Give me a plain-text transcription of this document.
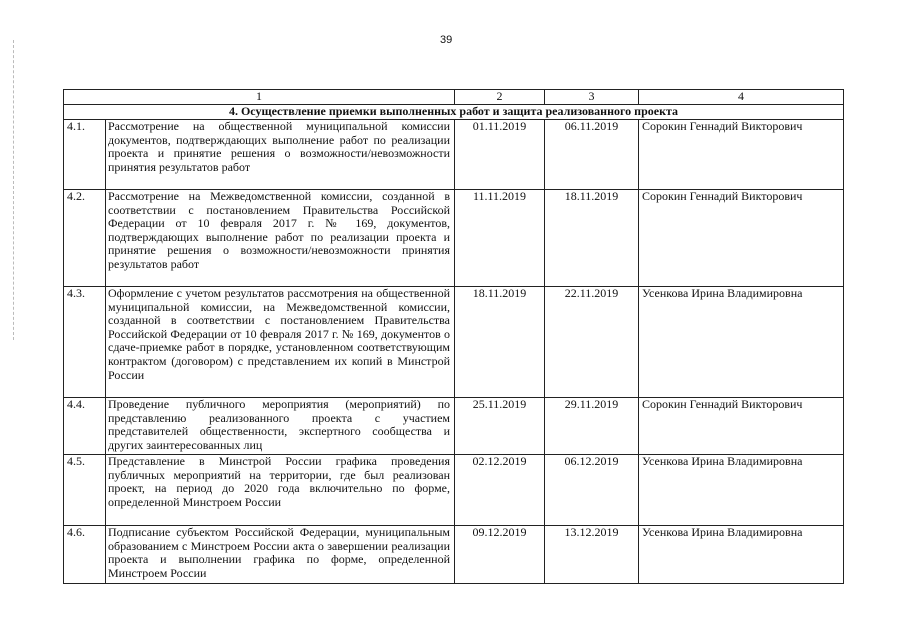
39
1		2	3	4
4. Осуществление приемки выполненных работ и защита реализованного проекта				
4.1.	Рассмотрение на общественной муниципальной комиссии документов, подтверждающих выполнение работ по реализации проекта и принятие решения о возможности/невозможности принятия результатов работ	01.11.2019	06.11.2019	Сорокин Геннадий Викторович
4.2.	Рассмотрение на Межведомственной комиссии, созданной в соответствии с постановлением Правительства Российской Федерации от 10 февраля 2017 г. № 169, документов, подтверждающих выполнение работ по реализации проекта и принятие решения о возможности/невозможности принятия результатов работ	11.11.2019	18.11.2019	Сорокин Геннадий Викторович
4.3.	Оформление с учетом результатов рассмотрения на общественной муниципальной комиссии, на Межведомственной комиссии, созданной в соответствии с постановлением Правительства Российской Федерации от 10 февраля 2017 г. № 169, документов о сдаче-приемке работ в порядке, установленном соответствующим контрактом (договором) с представлением их копий в Минстрой России	18.11.2019	22.11.2019	Усенкова Ирина Владимировна
4.4.	Проведение публичного мероприятия (мероприятий) по представлению реализованного проекта с участием представителей общественности, экспертного сообщества и других заинтересованных лиц	25.11.2019	29.11.2019	Сорокин Геннадий Викторович
4.5.	Представление в Минстрой России графика проведения публичных мероприятий на территории, где был реализован проект, на период до 2020 года включительно по форме, определенной Минстроем России	02.12.2019	06.12.2019	Усенкова Ирина Владимировна
4.6.	Подписание субъектом Российской Федерации, муниципальным образованием с Минстроем России акта о завершении реализации проекта и выполнении графика по форме, определенной Минстроем России	09.12.2019	13.12.2019	Усенкова Ирина Владимировна
